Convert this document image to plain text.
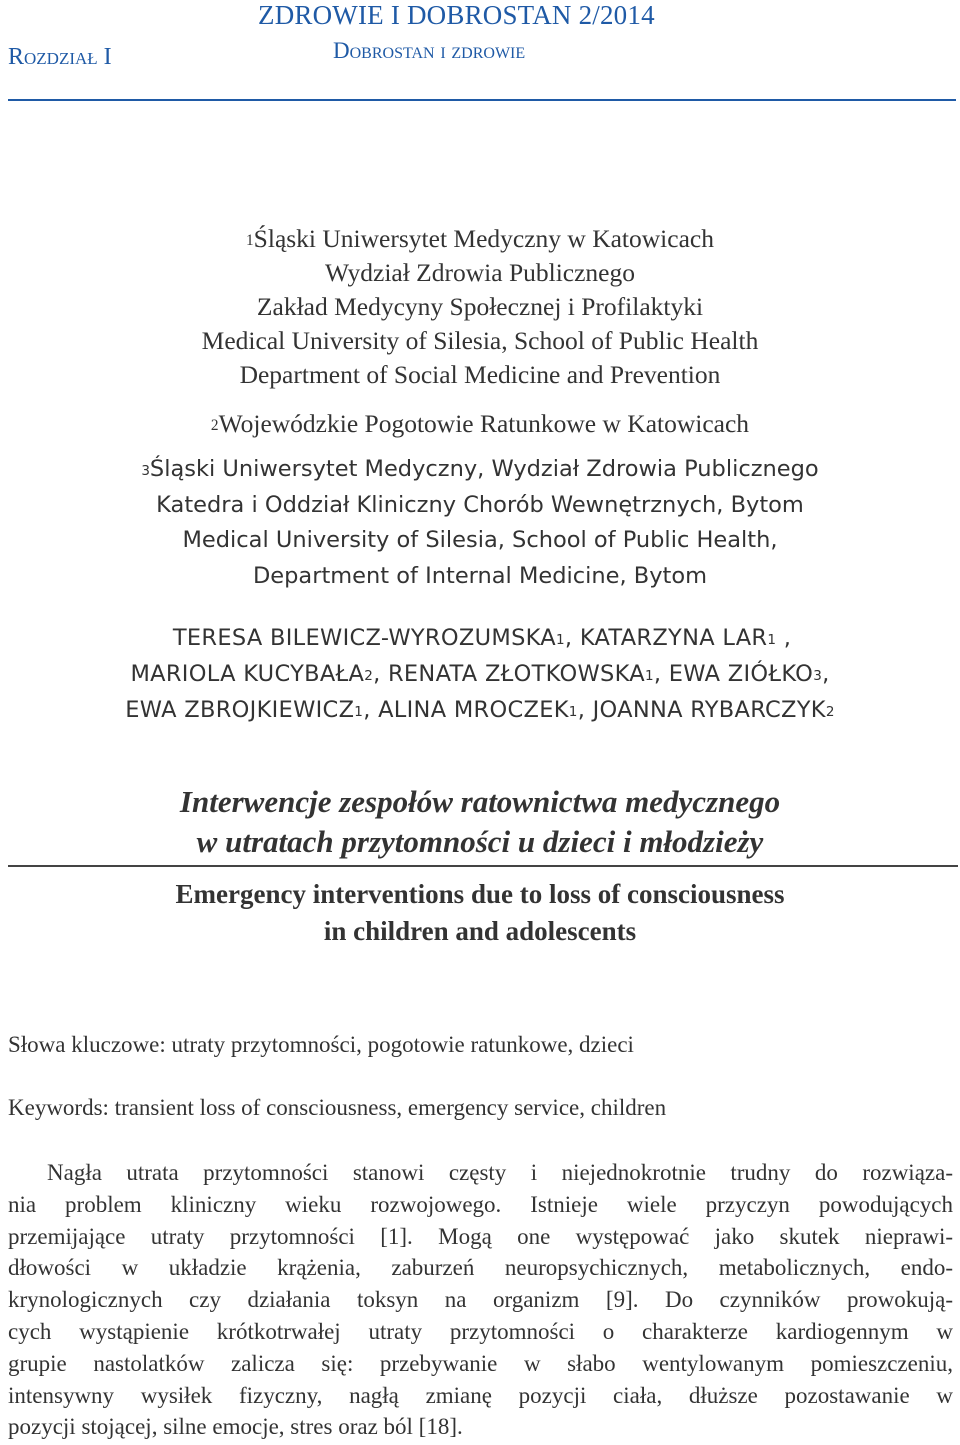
ZDROWIE I DOBROSTAN 2/2014
Dobrostan i zdrowie
Rozdział I

$^1$Śląski Uniwersytet Medyczny w Katowicach

Wydział Zdrowia Publicznego

Zakład Medycyny Społecznej i Profilaktyki

Medical University of Silesia, School of Public Health

Department of Social Medicine and Prevention

$^2$Wojewódzkie Pogotowie Ratunkowe w Katowicach

$^3$Śląski Uniwersytet Medyczny, Wydział Zdrowia Publicznego

Katedra i Oddział Kliniczny Chorób Wewnętrznych, Bytom

Medical University of Silesia, School of Public Health,

Department of Internal Medicine, Bytom

TERESA BILEWICZ-WYROZUMSKA$^1$, KATARZYNA LAR$^1$ ,

MARIOLA KUCYBAŁA$^2$, RENATA ZŁOTKOWSKA$^1$, EWA ZIÓŁKO$^3$,

EWA ZBROJKIEWICZ$^1$, ALINA MROCZEK$^1$, JOANNA RYBARCZYK$^2$

Interwencje zespołów ratownictwa medycznego

w utratach przytomności u dzieci i młodzieży

Emergency interventions due to loss of consciousness

in children and adolescents

Słowa kluczowe: utraty przytomności, pogotowie ratunkowe, dzieci
Keywords: transient loss of consciousness, emergency service, children
Nagła utrata przytomności stanowi częsty i niejednokrotnie trudny do rozwiąza-
nia problem kliniczny wieku rozwojowego. Istnieje wiele przyczyn powodujących
przemijające utraty przytomności [1]. Mogą one występować jako skutek nieprawi-
dłowości w układzie krążenia, zaburzeń neuropsychicznych, metabolicznych, endo-
krynologicznych czy działania toksyn na organizm [9]. Do czynników prowokują-
cych wystąpienie krótkotrwałej utraty przytomności o charakterze kardiogennym w
grupie nastolatków zalicza się: przebywanie w słabo wentylowanym pomieszczeniu,
intensywny wysiłek fizyczny, nagłą zmianę pozycji ciała, dłuższe pozostawanie w
pozycji stojącej, silne emocje, stres oraz ból [18].
